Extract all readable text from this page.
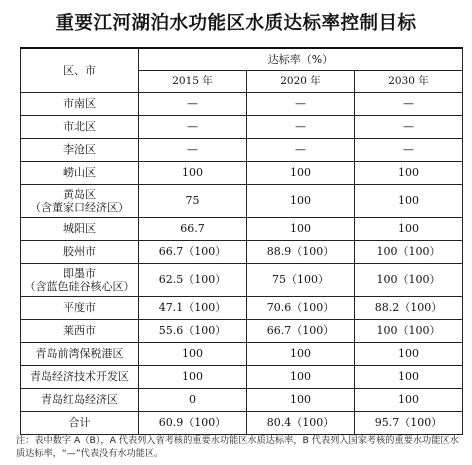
重要江河湖泊水功能区水质达标率控制目标
区、市	达标率（%）		
	2015 年	2020 年	2030 年

市南区	—	—	—

市北区	—	—	—

李沧区	—	—	—

崂山区	100	100	100

黄岛区
（含董家口经济区）	75	100	100

城阳区	66.7	100	100

胶州市	66.7（100）	88.9（100）	100（100）

即墨市
（含蓝色硅谷核心区）	62.5（100）	75（100）	100（100）

平度市	47.1（100）	70.6（100）	88.2（100）

莱西市	55.6（100）	66.7（100）	100（100）

青岛前湾保税港区	100	100	100

青岛经济技术开发区	100	100	100

青岛红岛经济区	0	100	100

合计	60.9（100）	80.4（100）	95.7（100）
注：表中数字 A（B），A 代表列入省考核的重要水功能区水质达标率，B 代表列入国家考核的重要水功能区水质达标率，“—”代表没有水功能区。
